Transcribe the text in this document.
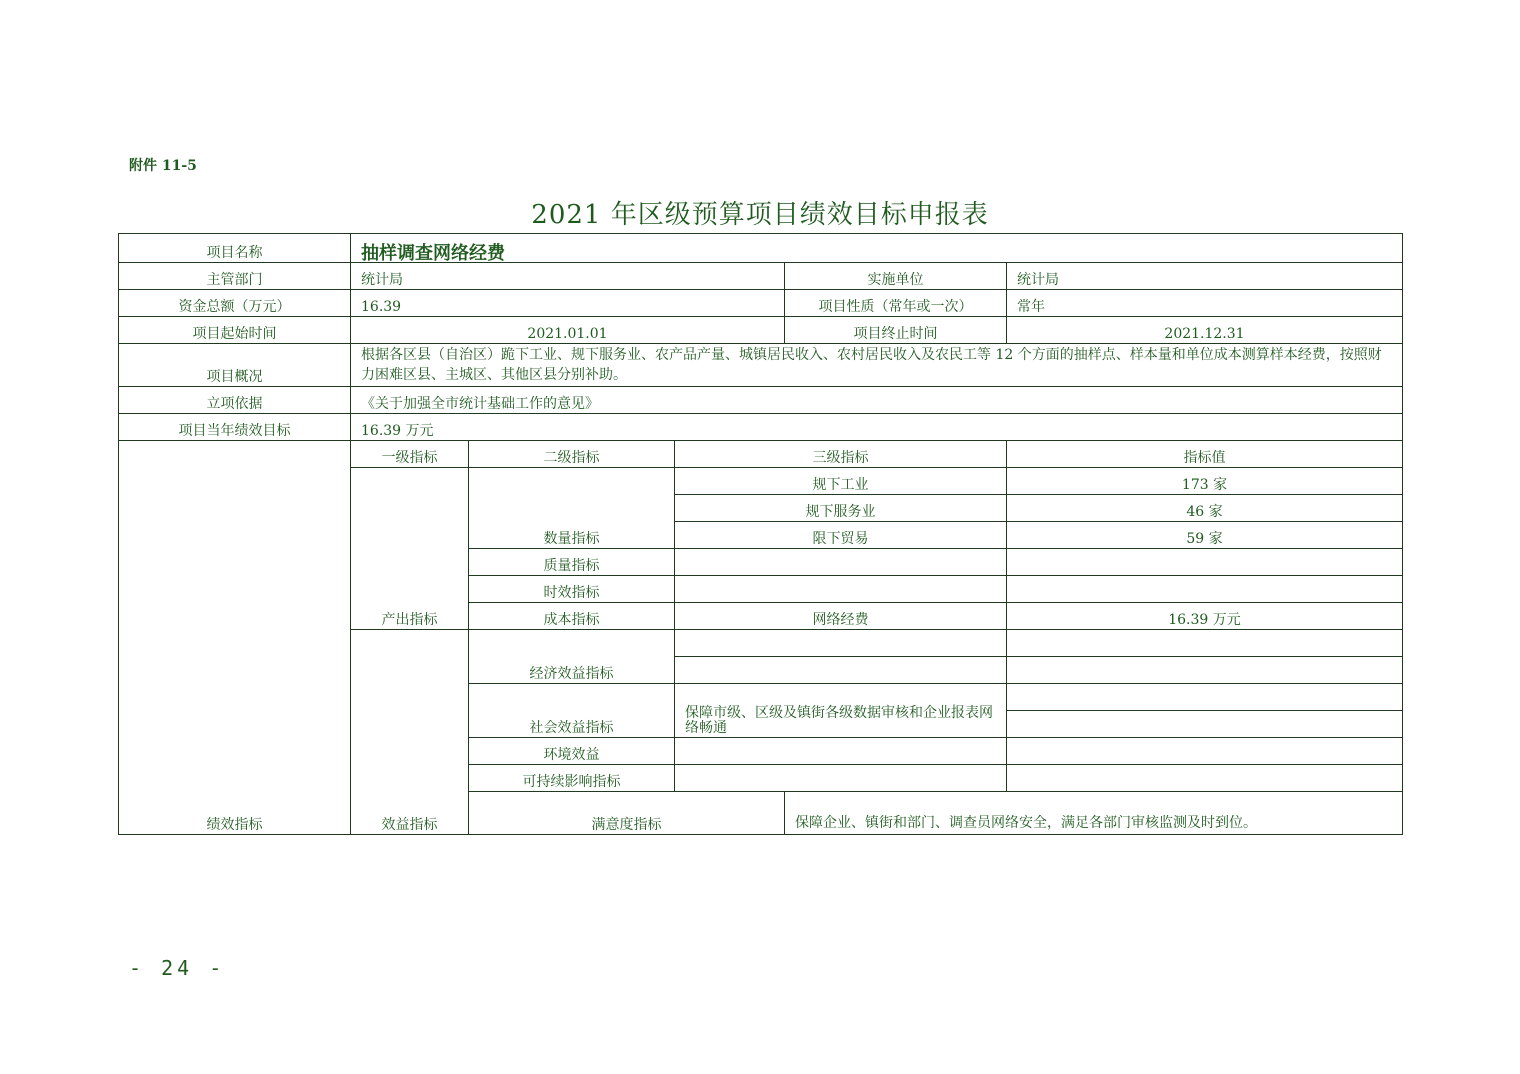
附件 11-5
2021 年区级预算项目绩效目标申报表
项目名称	抽样调查网络经费					
主管部门	统计局			实施单位	统计局	
资金总额（万元）	16.39			项目性质（常年或一次）	常年	
项目起始时间	2021.01.01			项目终止时间	2021.12.31	
项目概况	根据各区县（自治区）跪下工业、规下服务业、农产品产量、城镇居民收入、农村居民收入及农民工等 12 个方面的抽样点、样本量和单位成本测算样本经费，按照财力困难区县、主城区、其他区县分别补助。					
立项依据	《关于加强全市统计基础工作的意见》					
项目当年绩效目标	16.39 万元					
绩效指标	一级指标	二级指标	三级指标		指标值	
	产出指标	数量指标	规下工业		173 家	
			规下服务业		46 家	
			限下贸易		59 家	
		质量指标				
		时效指标				
		成本指标	网络经费		16.39 万元	
	效益指标	经济效益指标				

		社会效益指标	保障市级、区级及镇街各级数据审核和企业报表网络畅通			

		环境效益				
		可持续影响指标				
		满意度指标		保障企业、镇街和部门、调查员网络安全，满足各部门审核监测及时到位。	
- 24 -
